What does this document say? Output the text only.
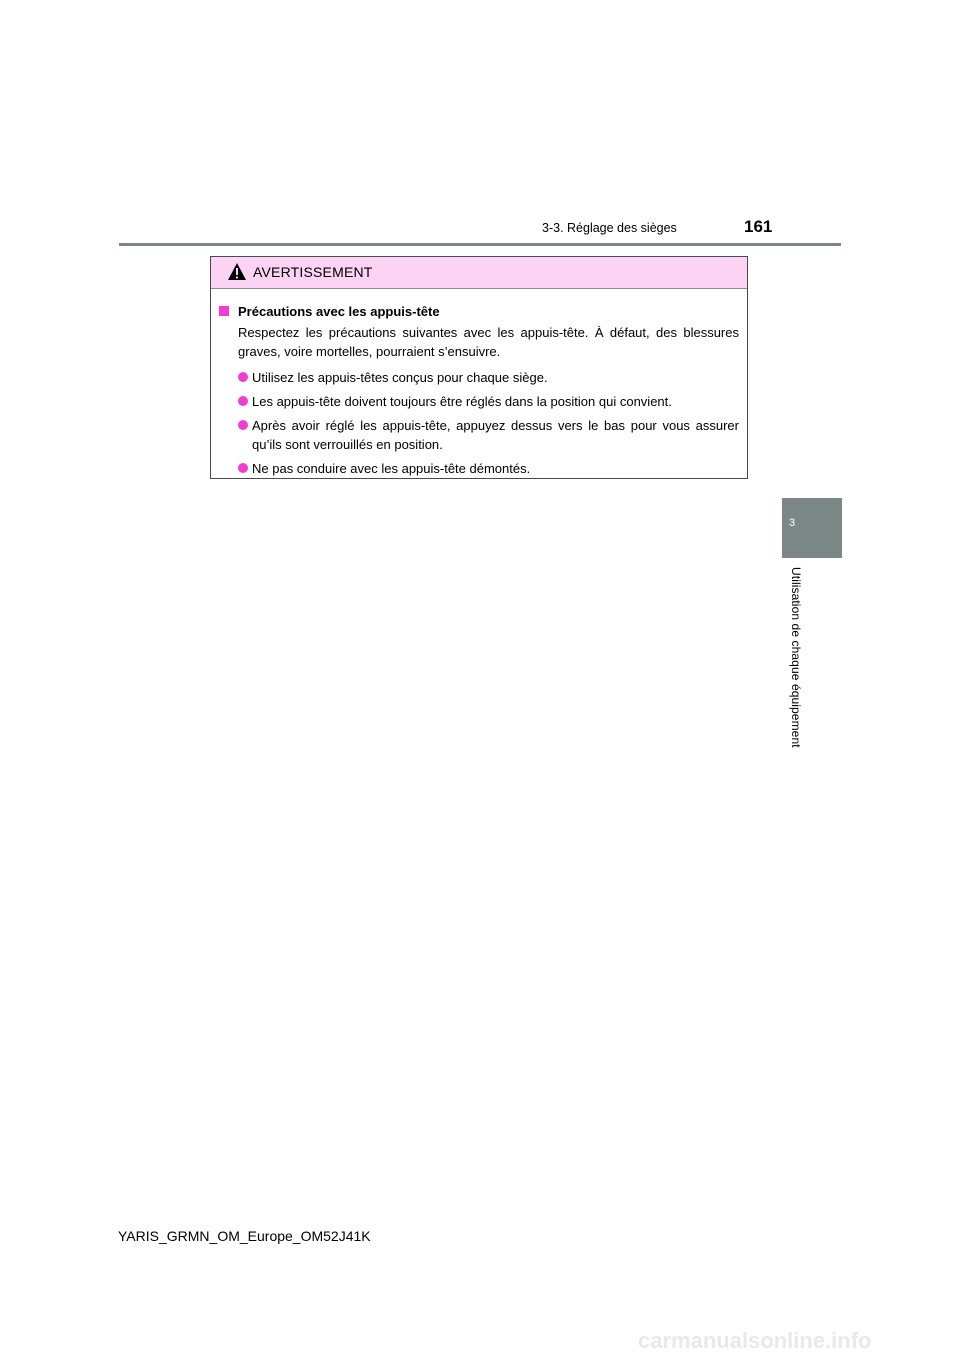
3-3. Réglage des sièges	161
3
Utilisation de chaque équipement
AVERTISSEMENT
Précautions avec les appuis-tête
Respectez les précautions suivantes avec les appuis-tête. À défaut, des blessures graves, voire mortelles, pourraient s’ensuivre.
Utilisez les appuis-têtes conçus pour chaque siège.
Les appuis-tête doivent toujours être réglés dans la position qui convient.
Après avoir réglé les appuis-tête, appuyez dessus vers le bas pour vous assurer qu’ils sont verrouillés en position.
Ne pas conduire avec les appuis-tête démontés.
YARIS_GRMN_OM_Europe_OM52J41K
carmanualsonline.info
